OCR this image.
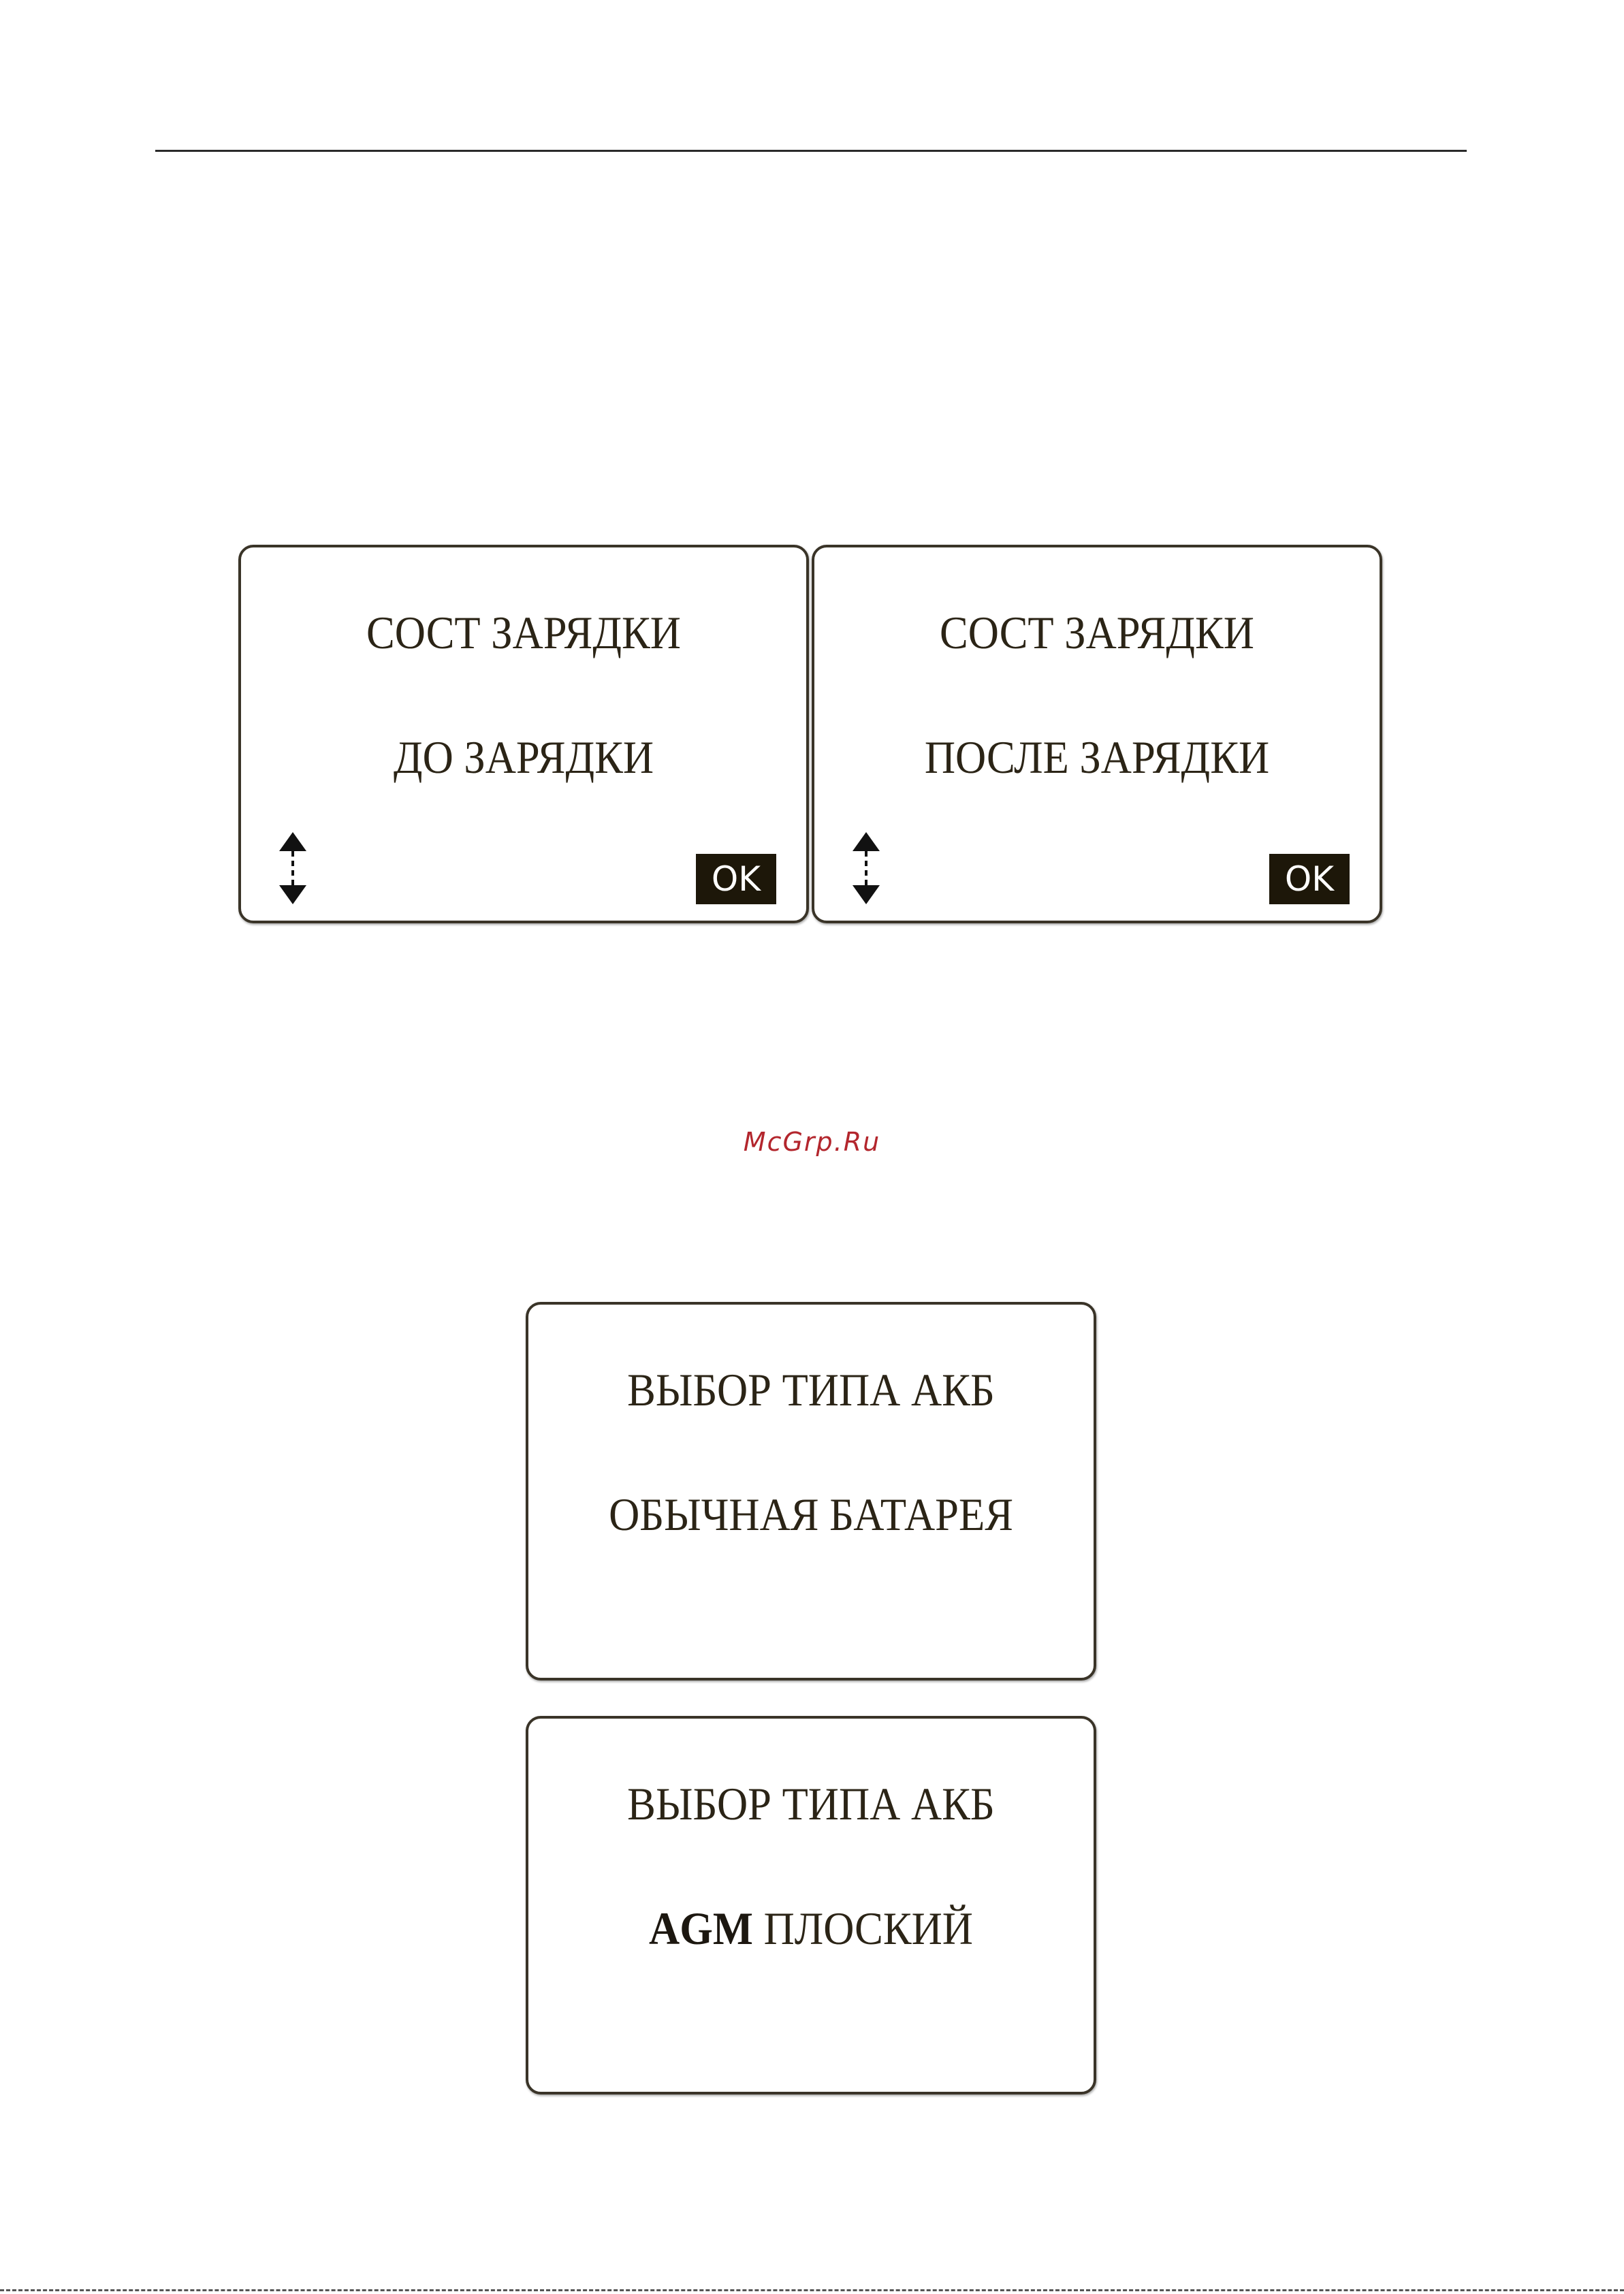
СОСТ ЗАРЯДКИ
ДО ЗАРЯДКИ
OK
СОСТ ЗАРЯДКИ
ПОСЛЕ ЗАРЯДКИ
OK
McGrp.Ru
ВЫБОР ТИПА АКБ
ОБЫЧНАЯ БАТАРЕЯ
ВЫБОР ТИПА АКБ
AGM ПЛОСКИЙ
